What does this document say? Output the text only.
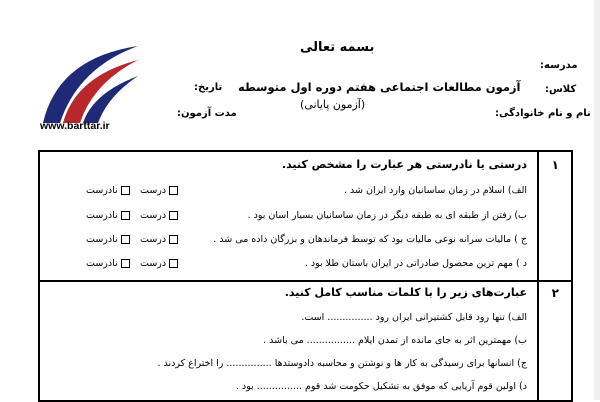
www.barttar.ir
بسمه تعالی
آزمون مطالعات اجتماعی هفتم دوره اول متوسطه
(آزمون پایانی)
مدرسه:
کلاس:
نام و نام خانوادگی:
تاریخ:
مدت آزمون:
۱
درستی یا نادرستی هر عبارت را مشخص کنید.
الف) اسلام در زمان ساسانیان وارد ایران شد .
درست
نادرست
ب) رفتن از طبقه ای به طبقه دیگر در زمان ساسانیان بسیار اسان بود .
درست
نادرست
ج ) مالیات سرانه نوعی مالیات بود که توسط فرماندهان و بزرگان داده می شد .
درست
نادرست
د ) مهم ترین محصول صادراتی در ایران باستان طلا بود .
درست
نادرست
۲
عبارت‌های زیر را با کلمات مناسب کامل کنید.
الف) تنها رود قابل کشتیرانی ایران رود ............... است.
ب) مهمترین اثر به جای مانده از تمدن ایلام ................ می باشد .
ج) انسانها برای رسیدگی به کار ها و نوشتن و محاسبه دادوستدها ............... را اختراع کردند .
د) اولین قوم آریایی که موفق به تشکیل حکومت شد قوم ............... بود .
